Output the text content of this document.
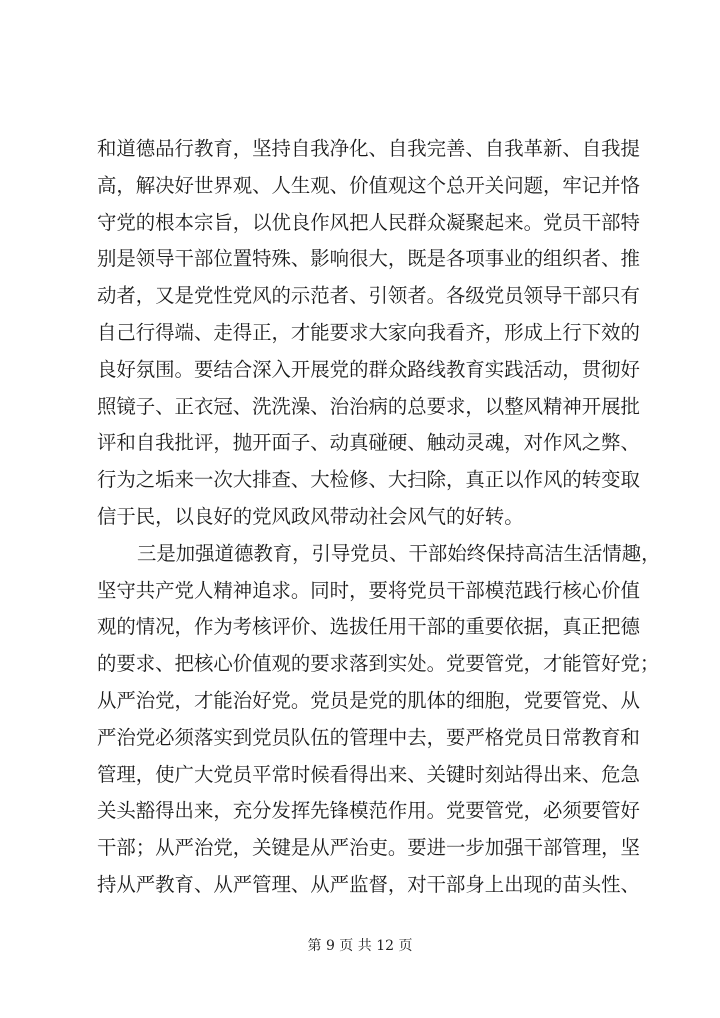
和道德品行教育，坚持自我净化、自我完善、自我革新、自我提
高，解决好世界观、人生观、价值观这个总开关问题，牢记并恪
守党的根本宗旨，以优良作风把人民群众凝聚起来。党员干部特
别是领导干部位置特殊、影响很大，既是各项事业的组织者、推
动者，又是党性党风的示范者、引领者。各级党员领导干部只有
自己行得端、走得正，才能要求大家向我看齐，形成上行下效的
良好氛围。要结合深入开展党的群众路线教育实践活动，贯彻好
照镜子、正衣冠、洗洗澡、治治病的总要求，以整风精神开展批
评和自我批评，抛开面子、动真碰硬、触动灵魂，对作风之弊、
行为之垢来一次大排查、大检修、大扫除，真正以作风的转变取
信于民，以良好的党风政风带动社会风气的好转。
三是加强道德教育，引导党员、干部始终保持高洁生活情趣，
坚守共产党人精神追求。同时，要将党员干部模范践行核心价值
观的情况，作为考核评价、选拔任用干部的重要依据，真正把德
的要求、把核心价值观的要求落到实处。党要管党，才能管好党；
从严治党，才能治好党。党员是党的肌体的细胞，党要管党、从
严治党必须落实到党员队伍的管理中去，要严格党员日常教育和
管理，使广大党员平常时候看得出来、关键时刻站得出来、危急
关头豁得出来，充分发挥先锋模范作用。党要管党，必须要管好
干部；从严治党，关键是从严治吏。要进一步加强干部管理，坚
持从严教育、从严管理、从严监督，对干部身上出现的苗头性、
第 9 页 共 12 页
